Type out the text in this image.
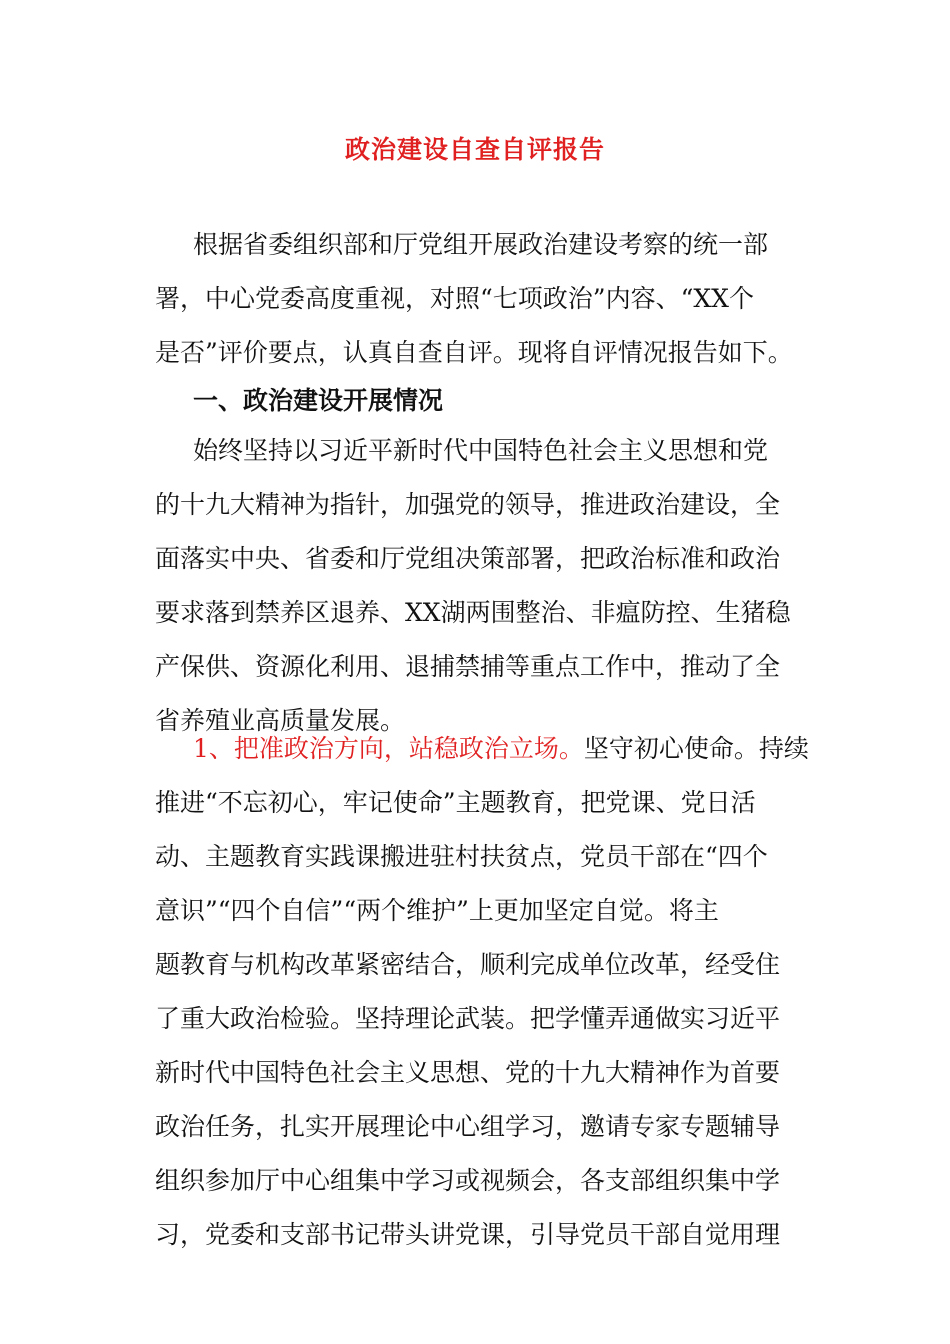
政治建设自查自评报告
根据省委组织部和厅党组开展政治建设考察的统一部
署，中心党委高度重视，对照“七项政治”内容、“XX个
是否”评价要点，认真自查自评。现将自评情况报告如下。
一、政治建设开展情况
始终坚持以习近平新时代中国特色社会主义思想和党
的十九大精神为指针，加强党的领导，推进政治建设，全
面落实中央、省委和厅党组决策部署，把政治标准和政治
要求落到禁养区退养、XX湖两围整治、非瘟防控、生猪稳
产保供、资源化利用、退捕禁捕等重点工作中，推动了全
省养殖业高质量发展。
1、把准政治方向，站稳政治立场。坚守初心使命。持续
推进“不忘初心，牢记使命”主题教育，把党课、党日活
动、主题教育实践课搬进驻村扶贫点，党员干部在“四个
意识”“四个自信”“两个维护”上更加坚定自觉。将主
题教育与机构改革紧密结合，顺利完成单位改革，经受住
了重大政治检验。坚持理论武装。把学懂弄通做实习近平
新时代中国特色社会主义思想、党的十九大精神作为首要
政治任务，扎实开展理论中心组学习，邀请专家专题辅导
组织参加厅中心组集中学习或视频会，各支部组织集中学
习，党委和支部书记带头讲党课，引导党员干部自觉用理
